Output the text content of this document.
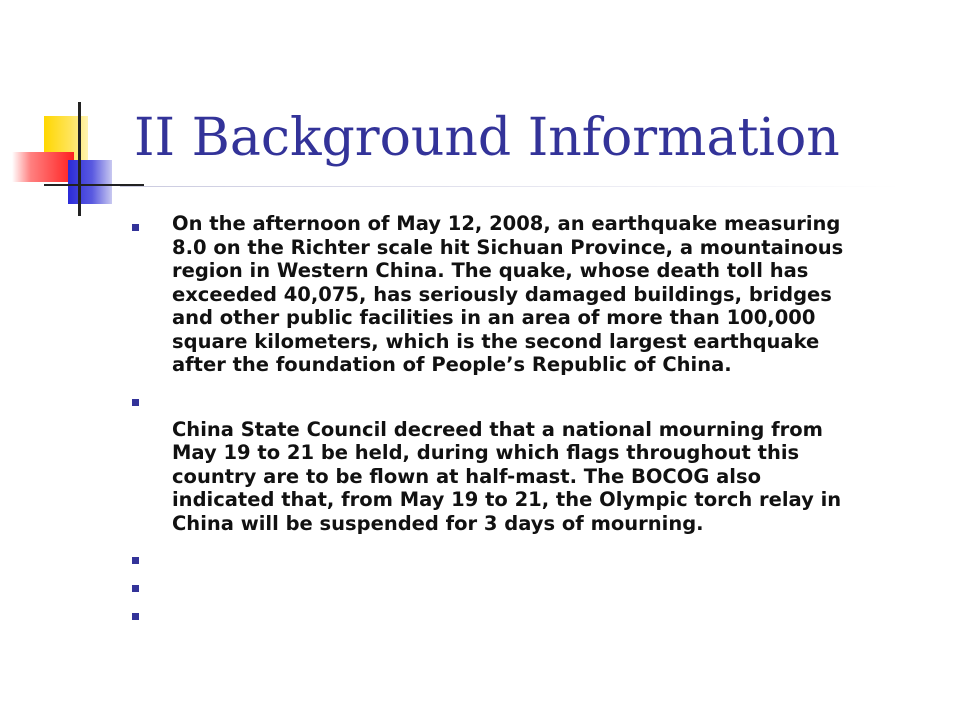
II Background Information

On the afternoon of May 12, 2008, an earthquake measuring
8.0 on the Richter scale hit Sichuan Province, a mountainous
region in Western China. The quake, whose death toll has
exceeded 40,075, has seriously damaged buildings, bridges
and other public facilities in an area of more than 100,000
square kilometers, which is the second largest earthquake
after the foundation of People’s Republic of China.

China State Council decreed that a national mourning from
May 19 to 21 be held, during which flags throughout this
country are to be flown at half-mast. The BOCOG also
indicated that, from May 19 to 21, the Olympic torch relay in
China will be suspended for 3 days of mourning.
